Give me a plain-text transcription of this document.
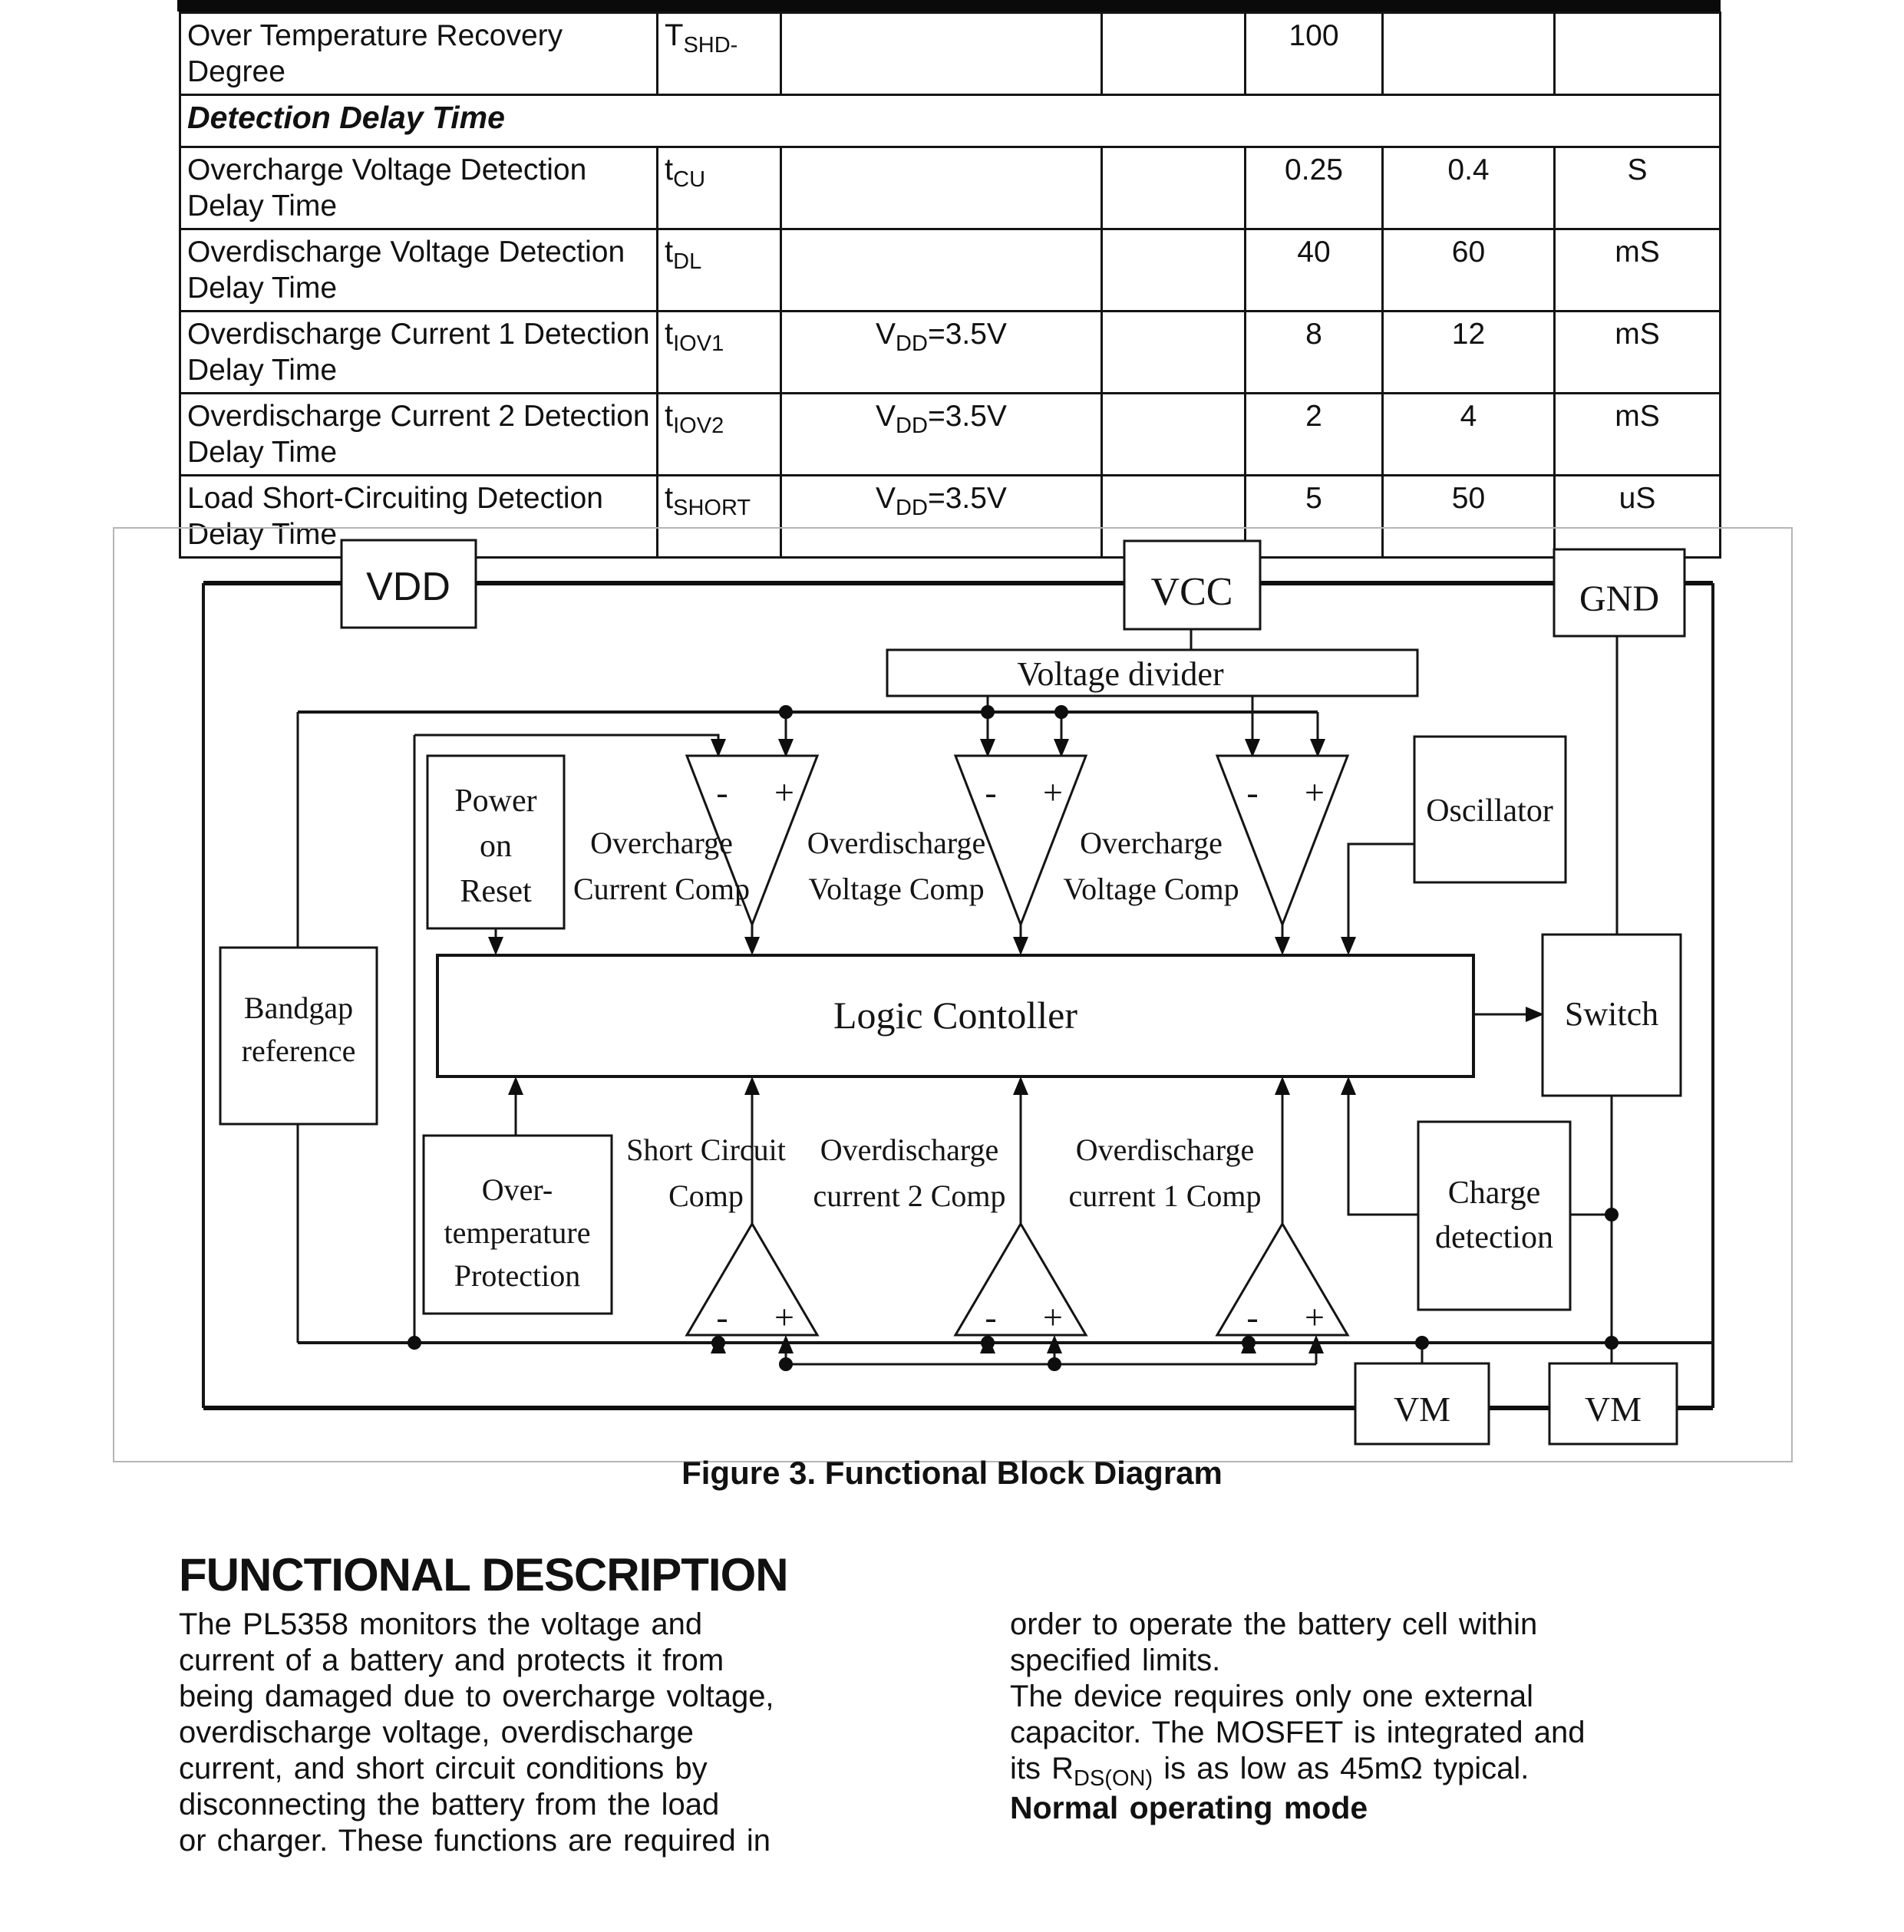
Over Temperature Recovery Degree	$T_{SHD-}$			100		
Detection Delay Time						
Overcharge Voltage Detection Delay Time	$t_{CU}$			0.25	0.4	S
Overdischarge Voltage Detection Delay Time	$t_{DL}$			40	60	mS
Overdischarge Current 1 Detection Delay Time	$t_{IOV1}$	$V_{DD}=3.5V$		8	12	mS
Overdischarge Current 2 Detection Delay Time	$t_{IOV2}$	$V_{DD}=3.5V$		2	4	mS
Load Short-Circuiting Detection Delay Time	$t_{SHORT}$	$V_{DD}=3.5V$		5	50	uS
- +	- +	- +
- +	- +	- +
VDD	VCC	GND
Voltage divider
Power
on
Reset
Oscillator
Logic Contoller
Bandgap
reference
Switch
Charge
detection
Over-
temperature
Protection
VM	VM
Overcharge
Current Comp
Overdischarge
Voltage Comp
Overcharge
Voltage Comp
Short Circuit
Comp
Overdischarge
current 2 Comp
Overdischarge
current 1 Comp
Figure 3. Functional Block Diagram
FUNCTIONAL DESCRIPTION
The PL5358 monitors the voltage and
current of a battery and protects it from
being damaged due to overcharge voltage,
overdischarge voltage, overdischarge
current, and short circuit conditions by
disconnecting the battery from the load
or charger. These functions are required in
order to operate the battery cell within
specified limits.
The device requires only one external
capacitor. The MOSFET is integrated and
its $R_{DS(ON)}$ is as low as 45mΩ typical.
Normal operating mode
